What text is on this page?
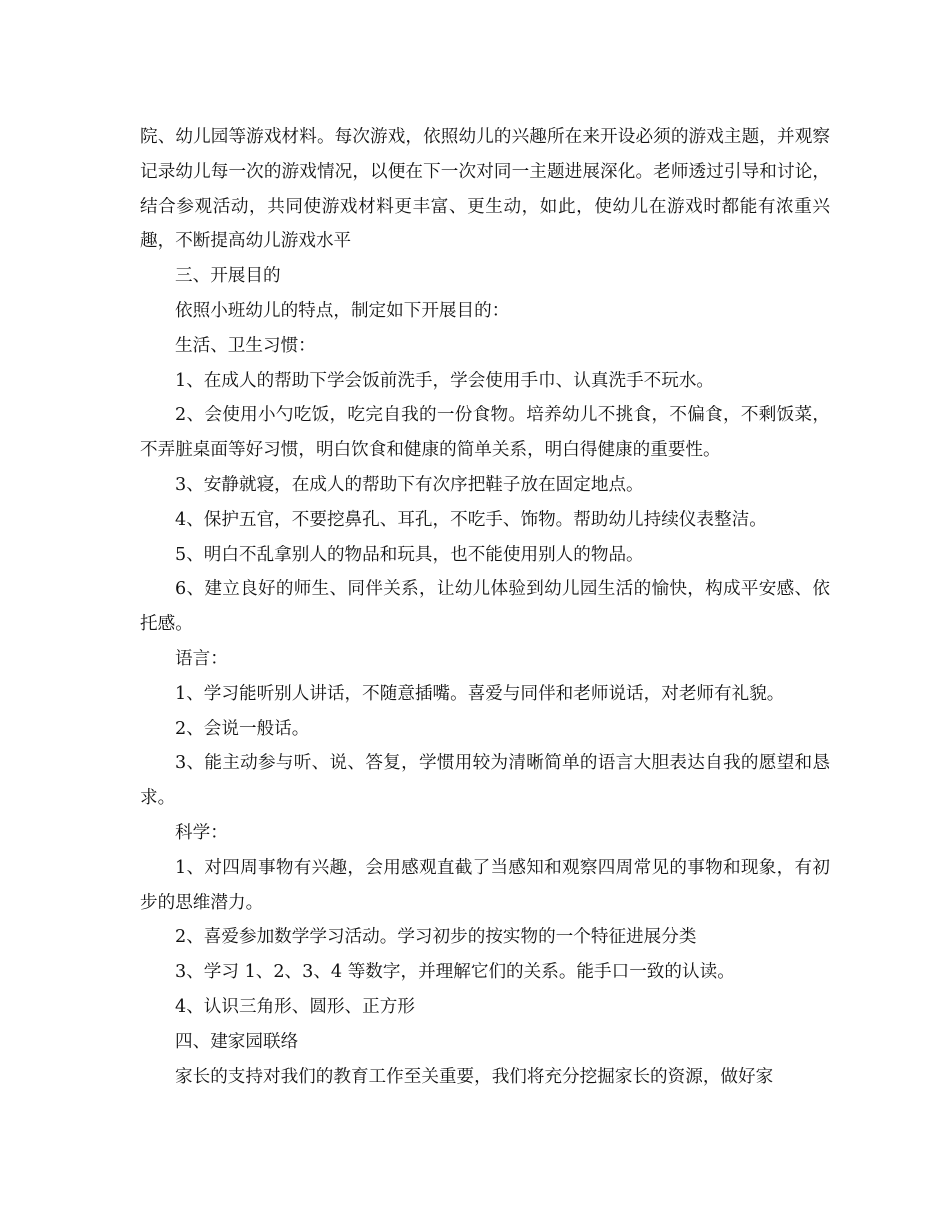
院、幼儿园等游戏材料。每次游戏，依照幼儿的兴趣所在来开设必须的游戏主题，并观察记录幼儿每一次的游戏情况，以便在下一次对同一主题进展深化。老师透过引导和讨论，结合参观活动，共同使游戏材料更丰富、更生动，如此，使幼儿在游戏时都能有浓重兴趣，不断提高幼儿游戏水平

三、开展目的

依照小班幼儿的特点，制定如下开展目的：

生活、卫生习惯：

1、在成人的帮助下学会饭前洗手，学会使用手巾、认真洗手不玩水。

2、会使用小勺吃饭，吃完自我的一份食物。培养幼儿不挑食，不偏食，不剩饭菜，不弄脏桌面等好习惯，明白饮食和健康的简单关系，明白得健康的重要性。

3、安静就寝，在成人的帮助下有次序把鞋子放在固定地点。

4、保护五官，不要挖鼻孔、耳孔，不吃手、饰物。帮助幼儿持续仪表整洁。

5、明白不乱拿别人的物品和玩具，也不能使用别人的物品。

6、建立良好的师生、同伴关系，让幼儿体验到幼儿园生活的愉快，构成平安感、依托感。

语言：

1、学习能听别人讲话，不随意插嘴。喜爱与同伴和老师说话，对老师有礼貌。

2、会说一般话。

3、能主动参与听、说、答复，学惯用较为清晰简单的语言大胆表达自我的愿望和恳求。

科学：

1、对四周事物有兴趣，会用感观直截了当感知和观察四周常见的事物和现象，有初步的思维潜力。

2、喜爱参加数学学习活动。学习初步的按实物的一个特征进展分类

3、学习 1、2、3、4 等数字，并理解它们的关系。能手口一致的认读。

4、认识三角形、圆形、正方形

四、建家园联络

家长的支持对我们的教育工作至关重要，我们将充分挖掘家长的资源，做好家
